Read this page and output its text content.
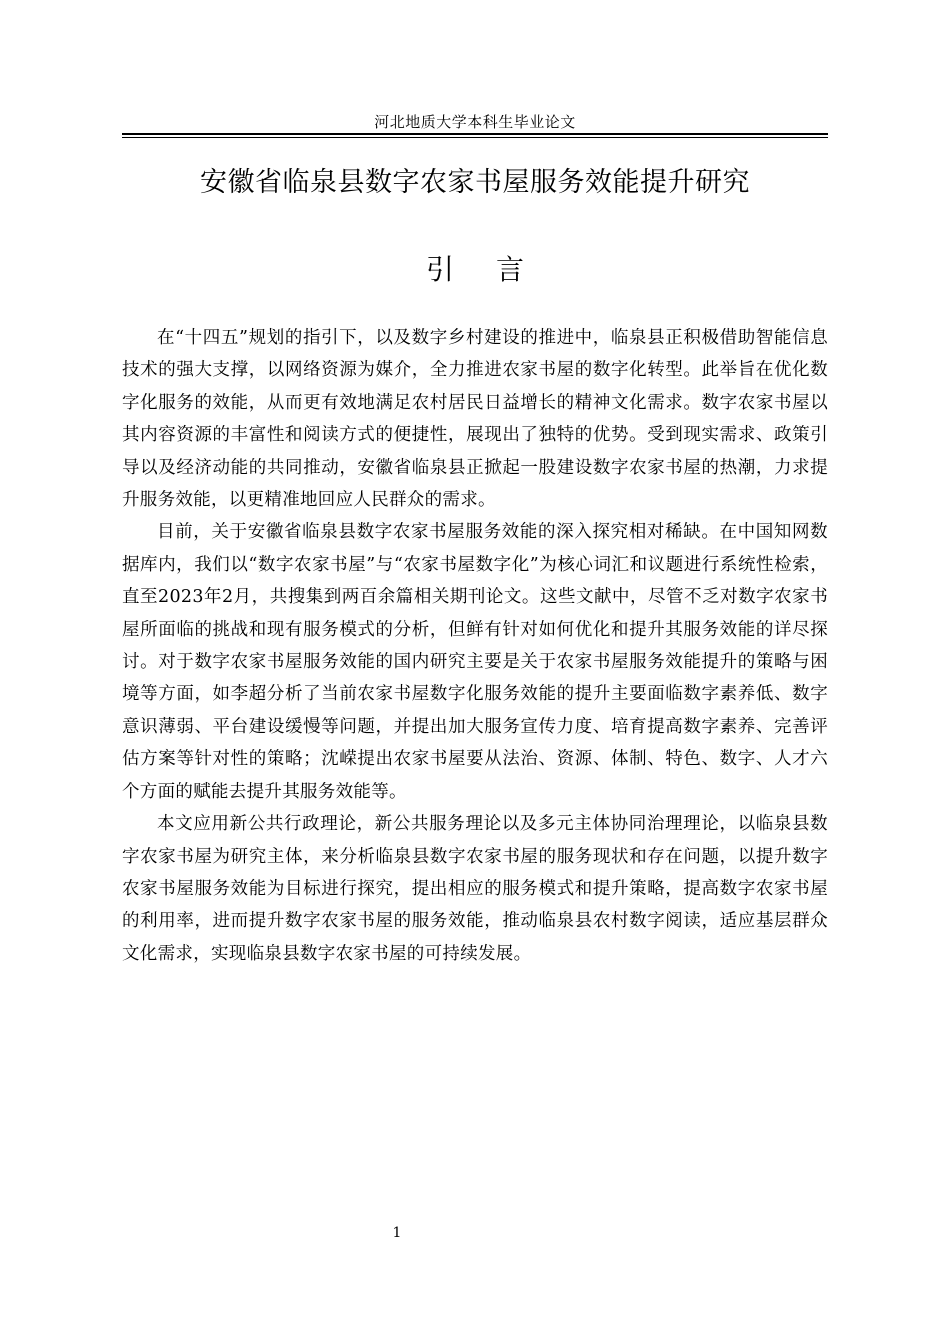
河北地质大学本科生毕业论文
安徽省临泉县数字农家书屋服务效能提升研究
引 言

在“十四五”规划的指引下，以及数字乡村建设的推进中，临泉县正积极借助智能信息技术的强大支撑，以网络资源为媒介，全力推进农家书屋的数字化转型。此举旨在优化数字化服务的效能，从而更有效地满足农村居民日益增长的精神文化需求。数字农家书屋以其内容资源的丰富性和阅读方式的便捷性，展现出了独特的优势。受到现实需求、政策引导以及经济动能的共同推动，安徽省临泉县正掀起一股建设数字农家书屋的热潮，力求提升服务效能，以更精准地回应人民群众的需求。

目前，关于安徽省临泉县数字农家书屋服务效能的深入探究相对稀缺。在中国知网数据库内，我们以“数字农家书屋”与“农家书屋数字化”为核心词汇和议题进行系统性检索，直至2023年2月，共搜集到两百余篇相关期刊论文。这些文献中，尽管不乏对数字农家书屋所面临的挑战和现有服务模式的分析，但鲜有针对如何优化和提升其服务效能的详尽探讨。对于数字农家书屋服务效能的国内研究主要是关于农家书屋服务效能提升的策略与困境等方面，如李超分析了当前农家书屋数字化服务效能的提升主要面临数字素养低、数字意识薄弱、平台建设缓慢等问题，并提出加大服务宣传力度、培育提高数字素养、完善评估方案等针对性的策略；沈嵘提出农家书屋要从法治、资源、体制、特色、数字、人才六个方面的赋能去提升其服务效能等。

本文应用新公共行政理论，新公共服务理论以及多元主体协同治理理论，以临泉县数字农家书屋为研究主体，来分析临泉县数字农家书屋的服务现状和存在问题，以提升数字农家书屋服务效能为目标进行探究，提出相应的服务模式和提升策略，提高数字农家书屋的利用率，进而提升数字农家书屋的服务效能，推动临泉县农村数字阅读，适应基层群众文化需求，实现临泉县数字农家书屋的可持续发展。

1
